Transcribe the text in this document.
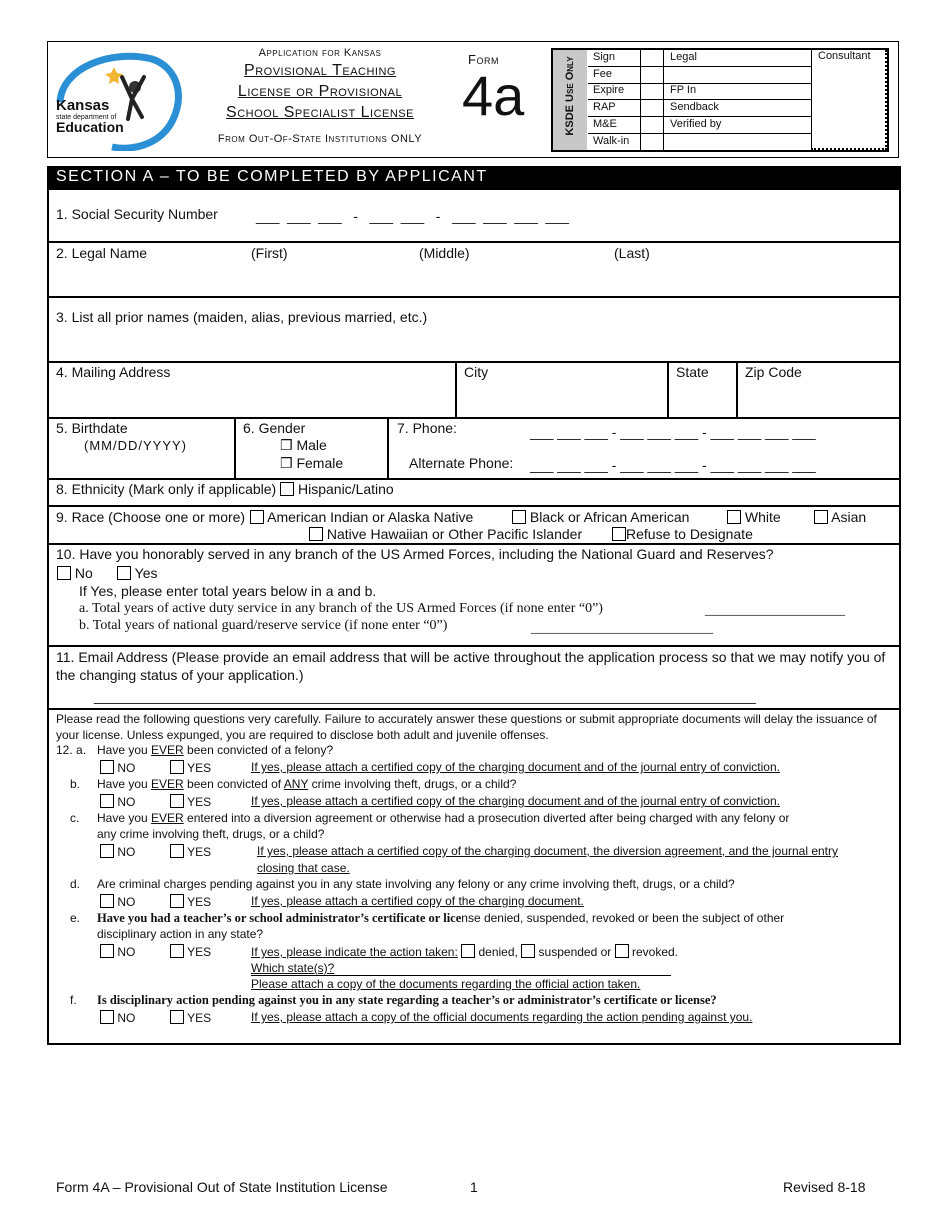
Kansas
state department of
Education
Application for Kansas
Provisional Teaching
License or Provisional
School Specialist License
From Out-Of-State Institutions ONLY
Form
4a	KSDE Use Only Sign	Legal
Fee
Expire	FP In
RAP	Sendback
M&E	Verified by
Walk-in
Consultant
SECTION A – TO BE COMPLETED BY APPLICANT
1. Social Security Number	___  ___  ___   -   ___  ___   -   ___  ___  ___  ___
2. Legal Name	(First)	(Middle)	(Last)
3. List all prior names (maiden, alias, previous married, etc.)
4. Mailing Address	City	State	Zip Code
5. Birthdate
(MM/DD/YYYY)
6. Gender
❒ Male
❒ Female
7. Phone:	___ ___ ___ - ___ ___ ___ - ___ ___ ___ ___
Alternate Phone: ___ ___ ___ - ___ ___ ___ - ___ ___ ___ ___
8. Ethnicity (Mark only if applicable) Hispanic/Latino
9. Race (Choose one or more)	American Indian or Alaska Native	Black or African American	White	Asian
Native Hawaiian or Other Pacific Islander	Refuse to Designate
10. Have you honorably served in any branch of the US Armed Forces, including the National Guard and Reserves?
No	Yes
If Yes, please enter total years below in a and b.
a. Total years of active duty service in any branch of the US Armed Forces (if none enter “0”)	____________________
b. Total years of national guard/reserve service (if none enter “0”)	__________________________
11. Email Address (Please provide an email address that will be active throughout the application process so that we may notify you of the changing status of your application.)
_____________________________________________________________________________________
Please read the following questions very carefully. Failure to accurately answer these questions or submit appropriate documents will delay the issuance of your license. Unless expunged, you are required to disclose both adult and juvenile offenses.
12. a. Have you EVER been convicted of a felony?
NO	YES	If yes, please attach a certified copy of the charging document and of the journal entry of conviction.
b. Have you EVER been convicted of ANY crime involving theft, drugs, or a child?
NO	YES	If yes, please attach a certified copy of the charging document and of the journal entry of conviction.
c. Have you EVER entered into a diversion agreement or otherwise had a prosecution diverted after being charged with any felony or
any crime involving theft, drugs, or a child?
NO	YES	If yes, please attach a certified copy of the charging document, the diversion agreement, and the journal entry
closing that case.
d. Are criminal charges pending against you in any state involving any felony or any crime involving theft, drugs, or a child?
NO	YES	If yes, please attach a certified copy of the charging document.
e. Have you had a teacher’s or school administrator’s certificate or license denied, suspended, revoked or been the subject of other
disciplinary action in any state?
NO	YES	If yes, please indicate the action taken: denied, suspended or revoked.
Which state(s)?
Please attach a copy of the documents regarding the official action taken.
f. Is disciplinary action pending against you in any state regarding a teacher’s or administrator’s certificate or license?
NO	YES	If yes, please attach a copy of the official documents regarding the action pending against you.
Form 4A – Provisional Out of State Institution License	1	Revised 8-18
